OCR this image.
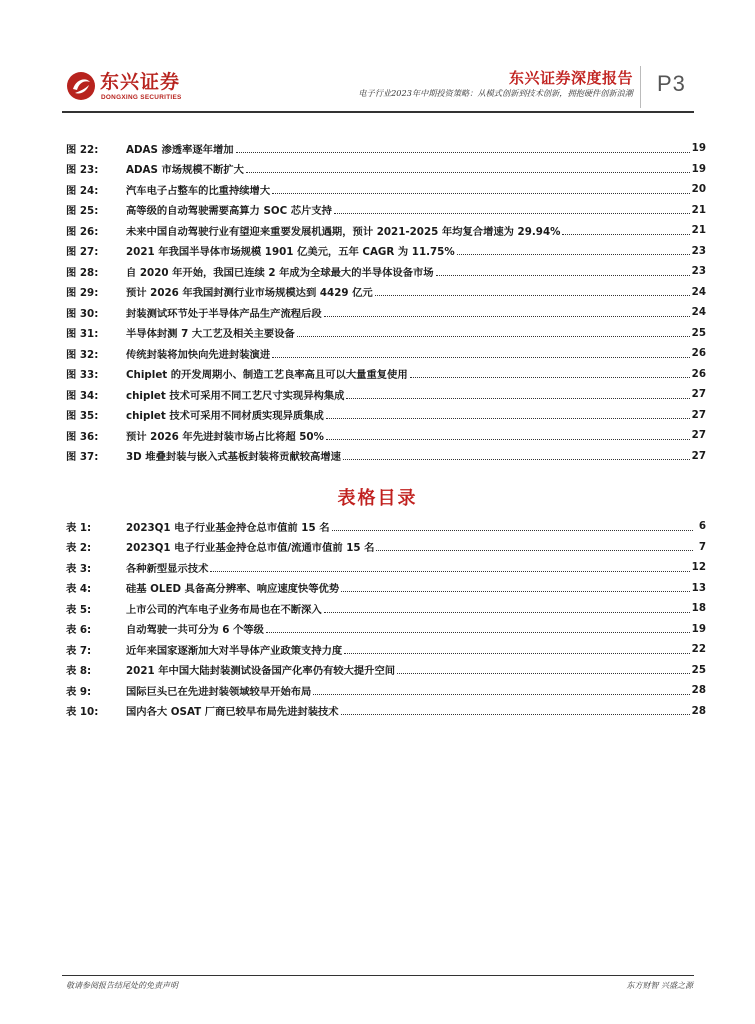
东兴证券
DONGXING SECURITIES
东兴证券深度报告
电子行业2023年中期投资策略：从模式创新到技术创新，拥抱硬件创新浪潮 P3
图 22:	ADAS 渗透率逐年增加	19
图 23:	ADAS 市场规模不断扩大	19
图 24:	汽车电子占整车的比重持续增大	20
图 25:	高等级的自动驾驶需要高算力 SOC 芯片支持	21
图 26:	未来中国自动驾驶行业有望迎来重要发展机遇期，预计 2021-2025 年均复合增速为 29.94%	21
图 27:	2021 年我国半导体市场规模 1901 亿美元，五年 CAGR 为 11.75%	23
图 28:	自 2020 年开始，我国已连续 2 年成为全球最大的半导体设备市场	23
图 29:	预计 2026 年我国封测行业市场规模达到 4429 亿元	24
图 30:	封装测试环节处于半导体产品生产流程后段	24
图 31:	半导体封测 7 大工艺及相关主要设备	25
图 32:	传统封装将加快向先进封装演进	26
图 33:	Chiplet 的开发周期小、制造工艺良率高且可以大量重复使用	26
图 34:	chiplet 技术可采用不同工艺尺寸实现异构集成	27
图 35:	chiplet 技术可采用不同材质实现异质集成	27
图 36:	预计 2026 年先进封装市场占比将超 50%	27
图 37:	3D 堆叠封装与嵌入式基板封装将贡献较高增速	27
表格目录
表 1:	2023Q1 电子行业基金持仓总市值前 15 名	6
表 2:	2023Q1 电子行业基金持仓总市值/流通市值前 15 名	7
表 3:	各种新型显示技术	12
表 4:	硅基 OLED 具备高分辨率、响应速度快等优势	13
表 5:	上市公司的汽车电子业务布局也在不断深入	18
表 6:	自动驾驶一共可分为 6 个等级	19
表 7:	近年来国家逐渐加大对半导体产业政策支持力度	22
表 8:	2021 年中国大陆封装测试设备国产化率仍有较大提升空间	25
表 9:	国际巨头已在先进封装领域较早开始布局	28
表 10:	国内各大 OSAT 厂商已较早布局先进封装技术	28
敬请参阅报告结尾处的免责声明	东方财智 兴盛之源
